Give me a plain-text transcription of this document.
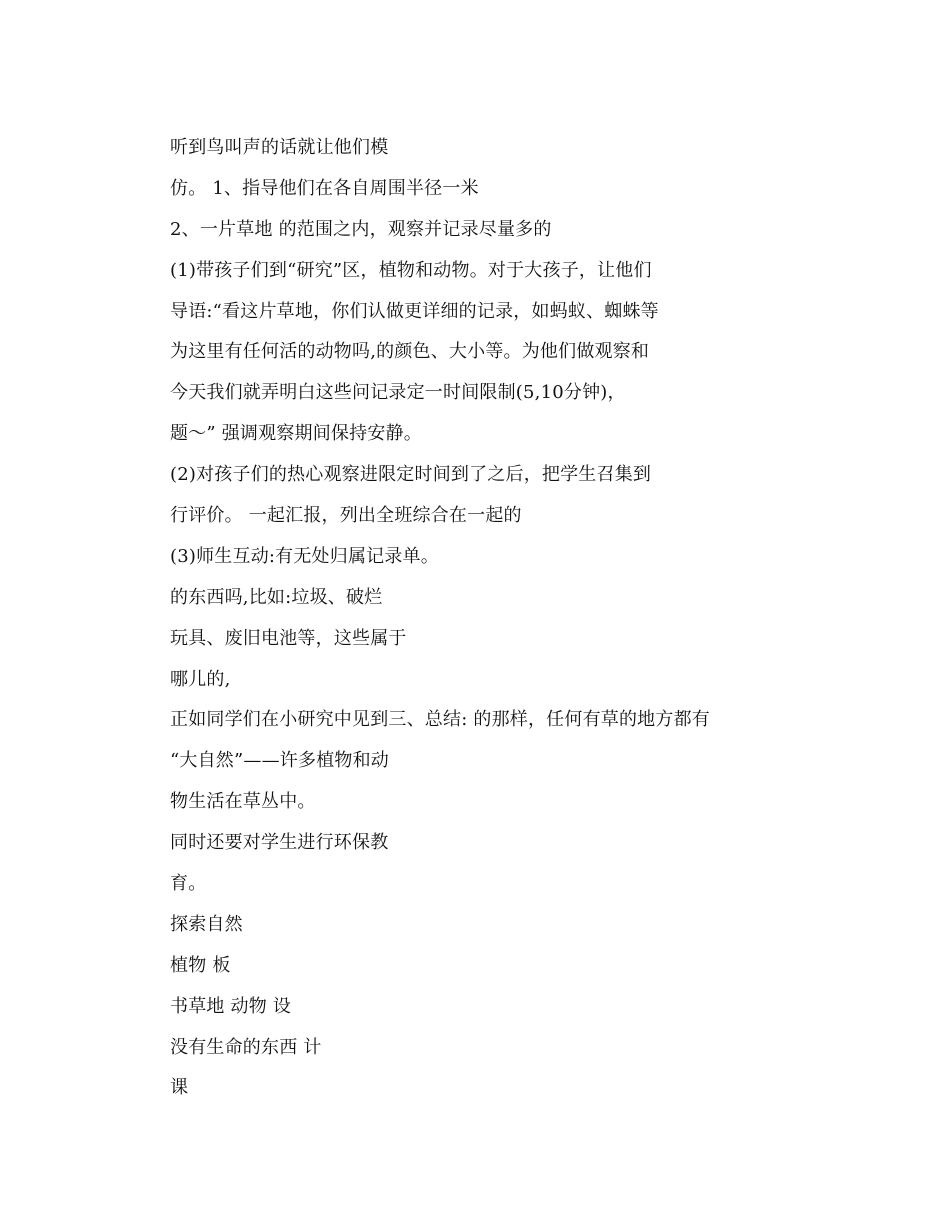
听到鸟叫声的话就让他们模
仿。 1、指导他们在各自周围半径一米
2、一片草地 的范围之内，观察并记录尽量多的
(1)带孩子们到“研究”区，植物和动物。对于大孩子，让他们
导语:“看这片草地，你们认做更详细的记录，如蚂蚁、蜘蛛等
为这里有任何活的动物吗,的颜色、大小等。为他们做观察和
今天我们就弄明白这些问记录定一时间限制(5,10分钟)，
题～” 强调观察期间保持安静。
(2)对孩子们的热心观察进限定时间到了之后，把学生召集到
行评价。 一起汇报，列出全班综合在一起的
(3)师生互动:有无处归属记录单。
的东西吗,比如:垃圾、破烂
玩具、废旧电池等，这些属于
哪儿的,
正如同学们在小研究中见到三、总结: 的那样，任何有草的地方都有
“大自然”——许多植物和动
物生活在草丛中。
同时还要对学生进行环保教
育。
探索自然
植物 板
书草地 动物 设
没有生命的东西 计
课
